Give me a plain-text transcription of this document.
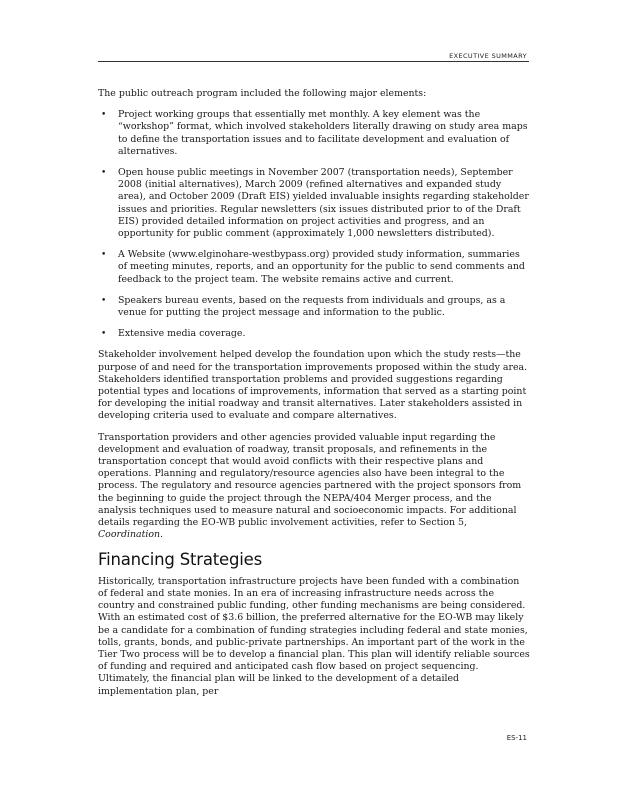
EXECUTIVE SUMMARY

The public outreach program included the following major elements:

• Project working groups that essentially met monthly. A key element was the “workshop” format, which involved stakeholders literally drawing on study area maps to define the transportation issues and to facilitate development and evaluation of alternatives.
• Open house public meetings in November 2007 (transportation needs), September 2008 (initial alternatives), March 2009 (refined alternatives and expanded study area), and October 2009 (Draft EIS) yielded invaluable insights regarding stakeholder issues and priorities. Regular newsletters (six issues distributed prior to of the Draft EIS) provided detailed information on project activities and progress, and an opportunity for public comment (approximately 1,000 newsletters distributed).
• A Website (www.elginohare-westbypass.org) provided study information, summaries of meeting minutes, reports, and an opportunity for the public to send comments and feedback to the project team. The website remains active and current.
• Speakers bureau events, based on the requests from individuals and groups, as a venue for putting the project message and information to the public.
• Extensive media coverage.

Stakeholder involvement helped develop the foundation upon which the study rests—the purpose of and need for the transportation improvements proposed within the study area. Stakeholders identified transportation problems and provided suggestions regarding potential types and locations of improvements, information that served as a starting point for developing the initial roadway and transit alternatives. Later stakeholders assisted in developing criteria used to evaluate and compare alternatives.

Transportation providers and other agencies provided valuable input regarding the development and evaluation of roadway, transit proposals, and refinements in the transportation concept that would avoid conflicts with their respective plans and operations. Planning and regulatory/resource agencies also have been integral to the process. The regulatory and resource agencies partnered with the project sponsors from the beginning to guide the project through the NEPA/404 Merger process, and the analysis techniques used to measure natural and socioeconomic impacts. For additional details regarding the EO-WB public involvement activities, refer to Section 5, Coordination.

Financing Strategies

Historically, transportation infrastructure projects have been funded with a combination of federal and state monies. In an era of increasing infrastructure needs across the country and constrained public funding, other funding mechanisms are being considered. With an estimated cost of $3.6 billion, the preferred alternative for the EO-WB may likely be a candidate for a combination of funding strategies including federal and state monies, tolls, grants, bonds, and public-private partnerships. An important part of the work in the Tier Two process will be to develop a financial plan. This plan will identify reliable sources of funding and required and anticipated cash flow based on project sequencing. Ultimately, the financial plan will be linked to the development of a detailed implementation plan, per

ES-11
